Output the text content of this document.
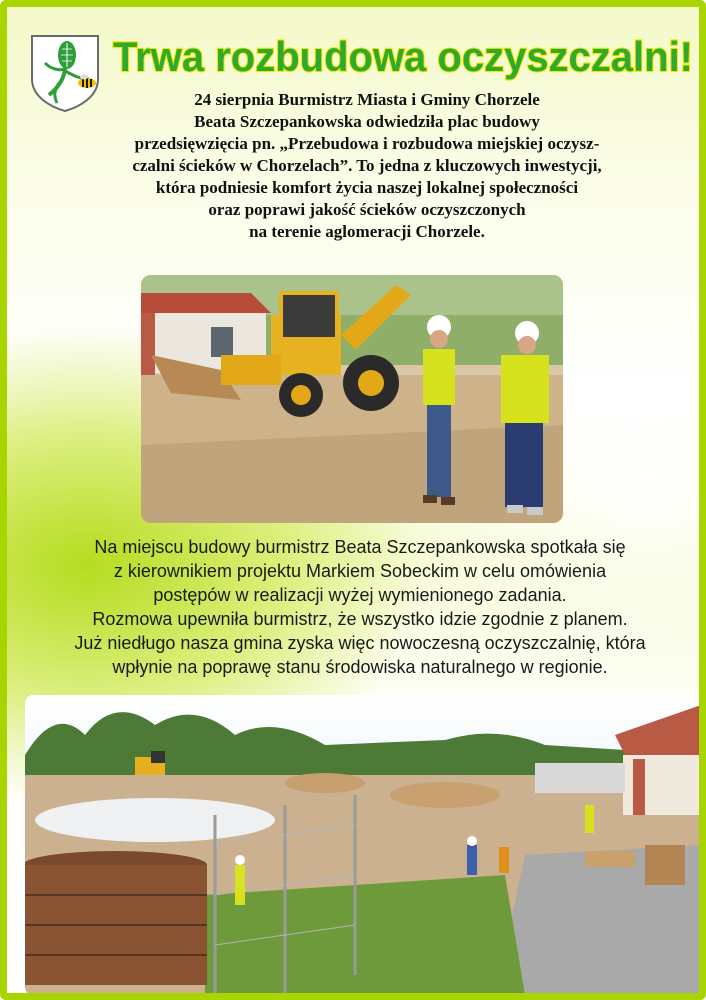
Trwa rozbudowa oczyszczalni!
24 sierpnia Burmistrz Miasta i Gminy Chorzele
Beata Szczepankowska odwiedziła plac budowy
przedsięwzięcia pn. „Przebudowa i rozbudowa miejskiej oczysz-
czalni ścieków w Chorzelach”. To jedna z kluczowych inwestycji,
która podniesie komfort życia naszej lokalnej społeczności
oraz poprawi jakość ścieków oczyszczonych
na terenie aglomeracji Chorzele.
Na miejscu budowy burmistrz Beata Szczepankowska spotkała się
z kierownikiem projektu Markiem Sobeckim w celu omówienia
postępów w realizacji wyżej wymienionego zadania.
Rozmowa upewniła burmistrz, że wszystko idzie zgodnie z planem.
Już niedługo nasza gmina zyska więc nowoczesną oczyszczalnię, która
wpłynie na poprawę stanu środowiska naturalnego w regionie.
